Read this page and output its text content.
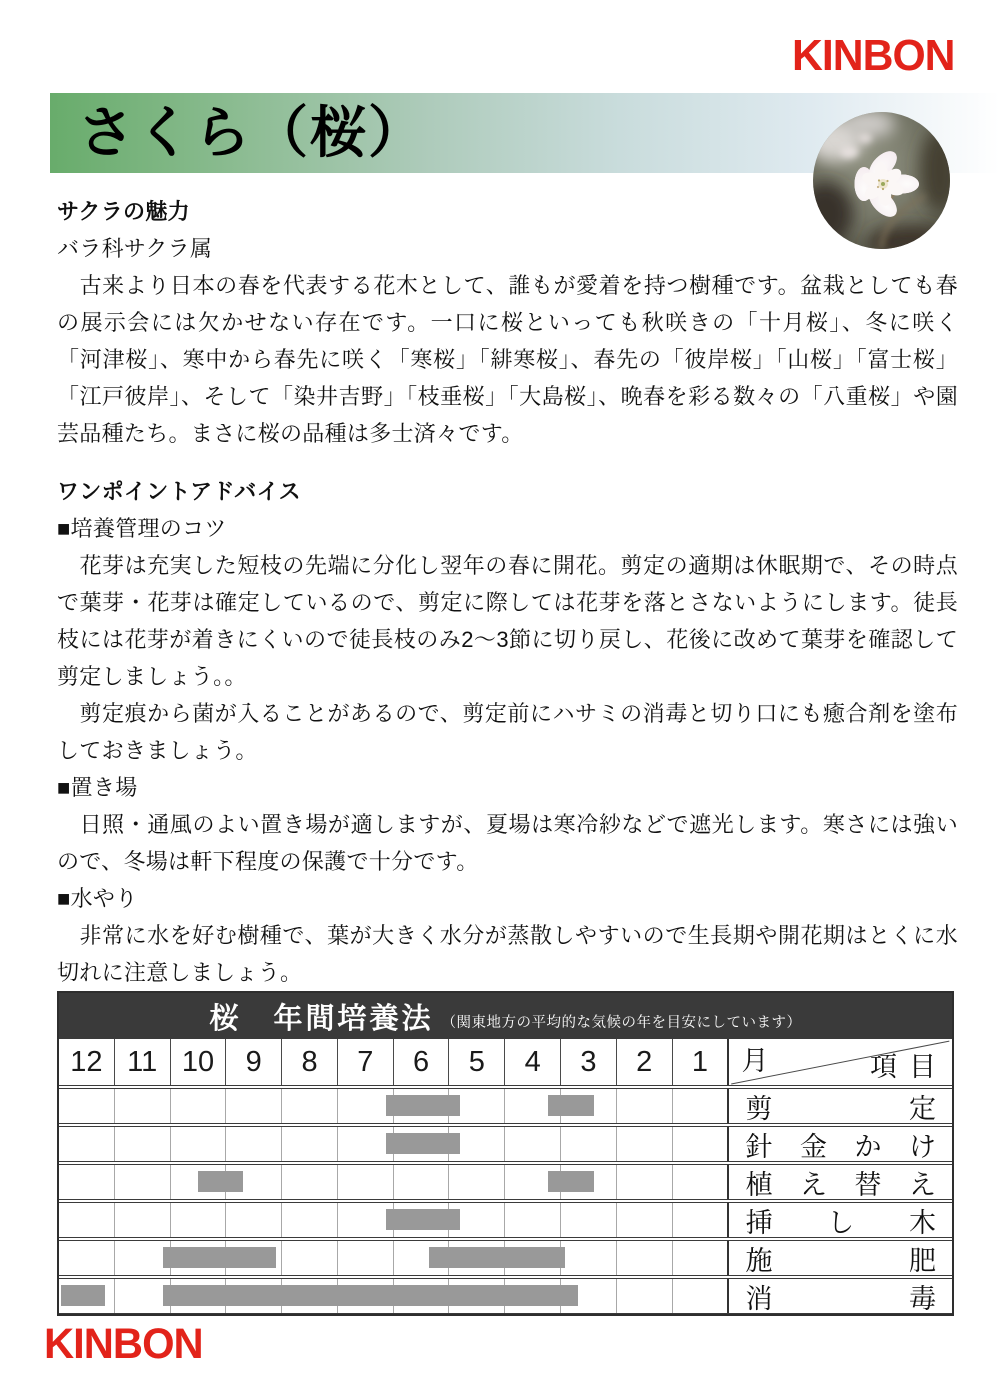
KINBON
さくら（桜）
サクラの魅力
バラ科サクラ属

　古来より日本の春を代表する花木として、誰もが愛着を持つ樹種です。盆栽としても春の展示会には欠かせない存在です。一口に桜といっても秋咲きの「十月桜」、冬に咲く「河津桜」、寒中から春先に咲く「寒桜」「緋寒桜」、春先の「彼岸桜」「山桜」「富士桜」「江戸彼岸」、そして「染井吉野」「枝垂桜」「大島桜」、晩春を彩る数々の「八重桜」や園芸品種たち。まさに桜の品種は多士済々です。

ワンポイントアドバイス
■培養管理のコツ

　花芽は充実した短枝の先端に分化し翌年の春に開花。剪定の適期は休眠期で、その時点で葉芽・花芽は確定しているので、剪定に際しては花芽を落とさないようにします。徒長枝には花芽が着きにくいので徒長枝のみ2～3節に切り戻し、花後に改めて葉芽を確認して剪定しましょう。。

　剪定痕から菌が入ることがあるので、剪定前にハサミの消毒と切り口にも癒合剤を塗布しておきましょう。

■置き場

　日照・通風のよい置き場が適しますが、夏場は寒冷紗などで遮光します。寒さには強いので、冬場は軒下程度の保護で十分です。

■水やり

　非常に水を好む樹種で、葉が大きく水分が蒸散しやすいので生長期や開花期はとくに水切れに注意しましょう。

桜　年間培養法 （関東地方の平均的な気候の年を目安にしています）
12 11 10	9	8	7	6	5	4	3	2	1	月	項目
剪	定
針 金 か け
植 え 替 え
挿 し 木
施	肥
消	毒
KINBON
